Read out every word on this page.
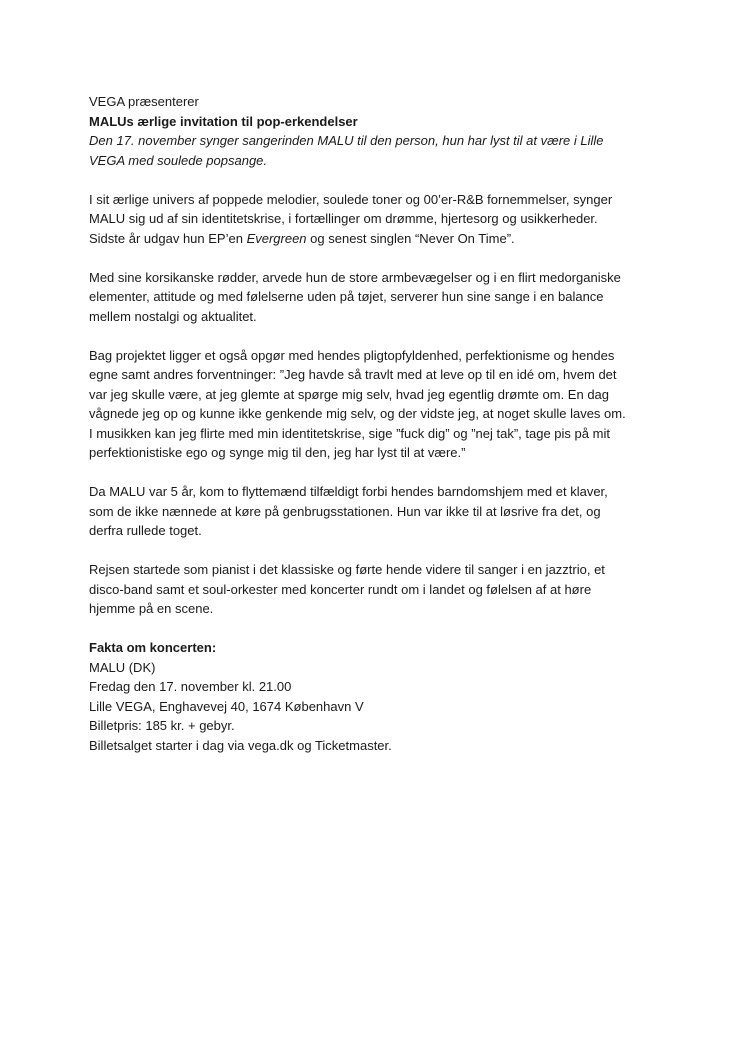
VEGA præsenterer
MALUs ærlige invitation til pop-erkendelser
Den 17. november synger sangerinden MALU til den person, hun har lyst til at være i Lille
VEGA med soulede popsange.
I sit ærlige univers af poppede melodier, soulede toner og 00’er-R&B fornemmelser, synger
MALU sig ud af sin identitetskrise, i fortællinger om drømme, hjertesorg og usikkerheder.
Sidste år udgav hun EP’en Evergreen og senest singlen “Never On Time”.
Med sine korsikanske rødder, arvede hun de store armbevægelser og i en flirt medorganiske
elementer, attitude og med følelserne uden på tøjet, serverer hun sine sange i en balance
mellem nostalgi og aktualitet.
Bag projektet ligger et også opgør med hendes pligtopfyldenhed, perfektionisme og hendes
egne samt andres forventninger: ”Jeg havde så travlt med at leve op til en idé om, hvem det
var jeg skulle være, at jeg glemte at spørge mig selv, hvad jeg egentlig drømte om. En dag
vågnede jeg op og kunne ikke genkende mig selv, og der vidste jeg, at noget skulle laves om.
I musikken kan jeg flirte med min identitetskrise, sige ”fuck dig” og ”nej tak”, tage pis på mit
perfektionistiske ego og synge mig til den, jeg har lyst til at være.”
Da MALU var 5 år, kom to flyttemænd tilfældigt forbi hendes barndomshjem med et klaver,
som de ikke nænnede at køre på genbrugsstationen. Hun var ikke til at løsrive fra det, og
derfra rullede toget.
Rejsen startede som pianist i det klassiske og førte hende videre til sanger i en jazztrio, et
disco-band samt et soul-orkester med koncerter rundt om i landet og følelsen af at høre
hjemme på en scene.
Fakta om koncerten:
MALU (DK)
Fredag den 17. november kl. 21.00
Lille VEGA, Enghavevej 40, 1674 København V
Billetpris: 185 kr. + gebyr.
Billetsalget starter i dag via vega.dk og Ticketmaster.
